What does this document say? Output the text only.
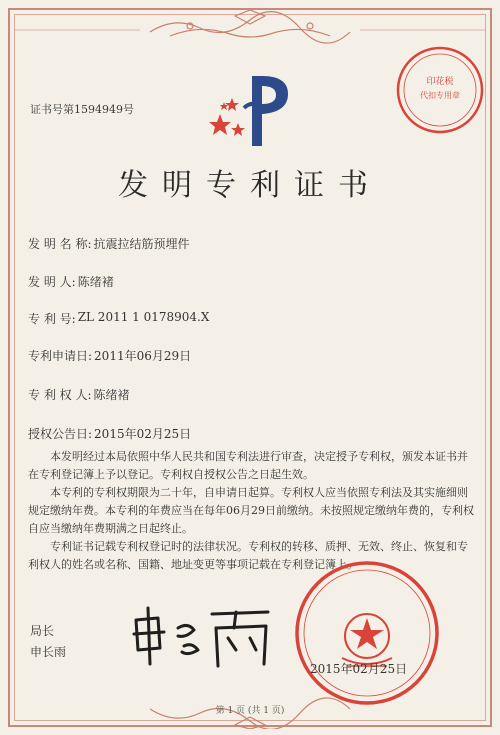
证书号第1594949号
印花税
代扣专用章
发明专利证书
发 明 名 称: 抗震拉结筋预埋件
发 明 人: 陈绪褚
专 利 号: ZL 2011 1 0178904.X
专利申请日: 2011年06月29日
专 利 权 人: 陈绪褚
授权公告日: 2015年02月25日

本发明经过本局依照中华人民共和国专利法进行审查，决定授予专利权，颁发本证书并在专利登记簿上予以登记。专利权自授权公告之日起生效。

本专利的专利权期限为二十年，自申请日起算。专利权人应当依照专利法及其实施细则规定缴纳年费。本专利的年费应当在每年06月29日前缴纳。未按照规定缴纳年费的，专利权自应当缴纳年费期满之日起终止。

专利证书记载专利权登记时的法律状况。专利权的转移、质押、无效、终止、恢复和专利权人的姓名或名称、国籍、地址变更等事项记载在专利登记簿上。

局长
申长雨
2015年02月25日
第 1 页 (共 1 页)
